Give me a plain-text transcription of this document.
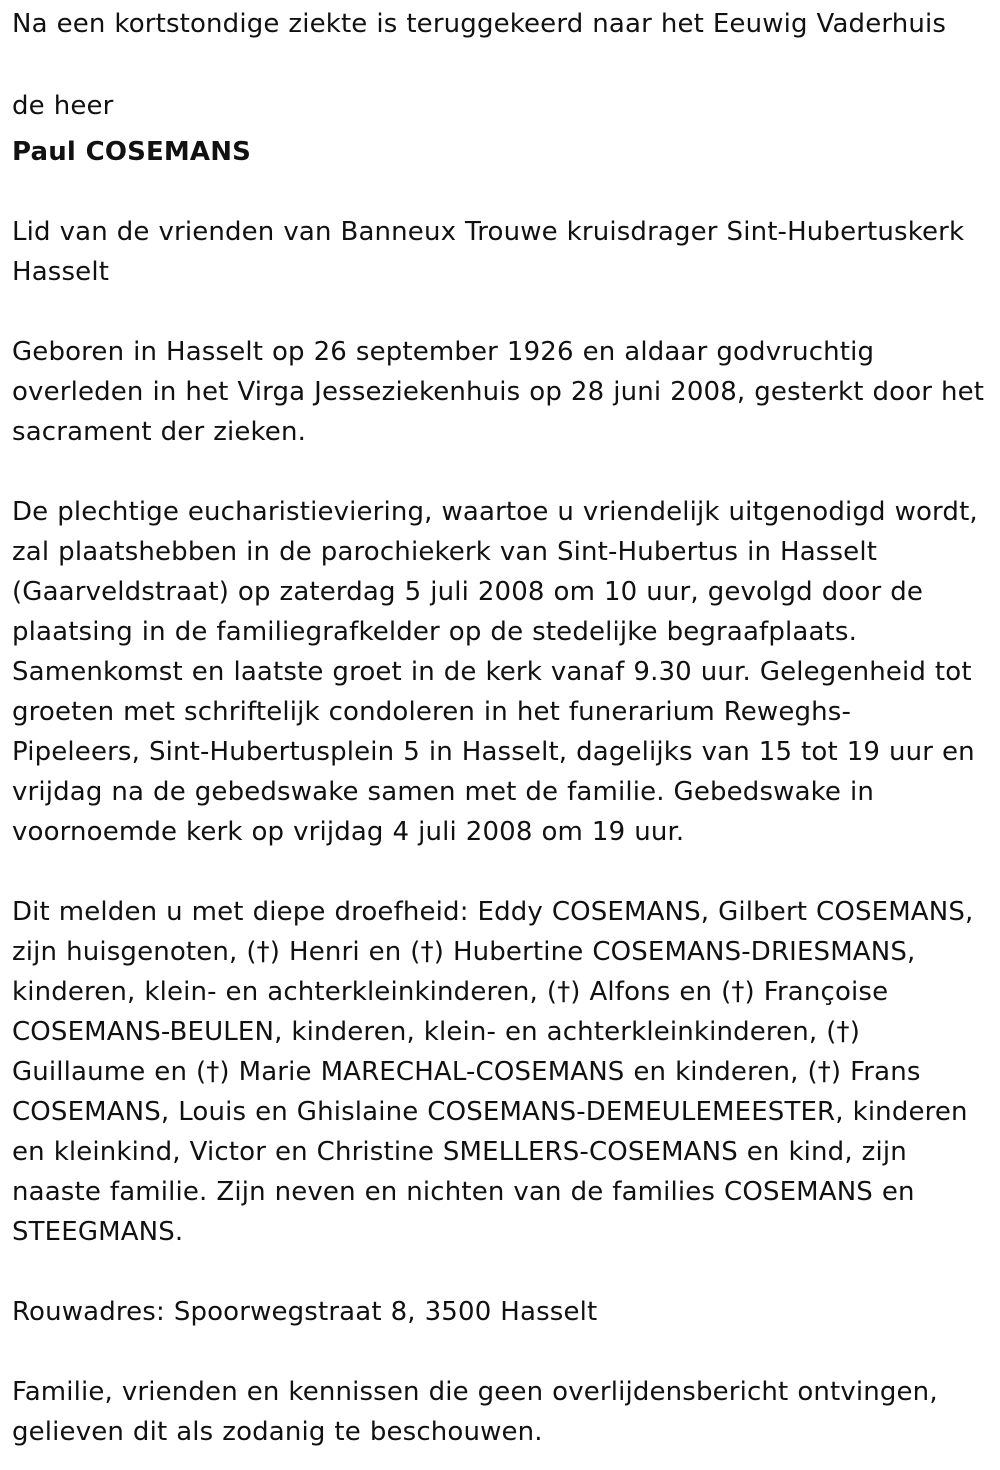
Na een kortstondige ziekte is teruggekeerd naar het Eeuwig Vaderhuis

de heer

Paul COSEMANS

Lid van de vrienden van Banneux Trouwe kruisdrager Sint-Hubertuskerk

Hasselt

Geboren in Hasselt op 26 september 1926 en aldaar godvruchtig

overleden in het Virga Jesseziekenhuis op 28 juni 2008, gesterkt door het

sacrament der zieken.

De plechtige eucharistieviering, waartoe u vriendelijk uitgenodigd wordt,

zal plaatshebben in de parochiekerk van Sint-Hubertus in Hasselt

(Gaarveldstraat) op zaterdag 5 juli 2008 om 10 uur, gevolgd door de

plaatsing in de familiegrafkelder op de stedelijke begraafplaats.

Samenkomst en laatste groet in de kerk vanaf 9.30 uur. Gelegenheid tot

groeten met schriftelijk condoleren in het funerarium Reweghs-

Pipeleers, Sint-Hubertusplein 5 in Hasselt, dagelijks van 15 tot 19 uur en

vrijdag na de gebedswake samen met de familie. Gebedswake in

voornoemde kerk op vrijdag 4 juli 2008 om 19 uur.

Dit melden u met diepe droefheid: Eddy COSEMANS, Gilbert COSEMANS,

zijn huisgenoten, (†) Henri en (†) Hubertine COSEMANS-DRIESMANS,

kinderen, klein- en achterkleinkinderen, (†) Alfons en (†) Françoise

COSEMANS-BEULEN, kinderen, klein- en achterkleinkinderen, (†)

Guillaume en (†) Marie MARECHAL-COSEMANS en kinderen, (†) Frans

COSEMANS, Louis en Ghislaine COSEMANS-DEMEULEMEESTER, kinderen

en kleinkind, Victor en Christine SMELLERS-COSEMANS en kind, zijn

naaste familie. Zijn neven en nichten van de families COSEMANS en

STEEGMANS.

Rouwadres: Spoorwegstraat 8, 3500 Hasselt

Familie, vrienden en kennissen die geen overlijdensbericht ontvingen,

gelieven dit als zodanig te beschouwen.
